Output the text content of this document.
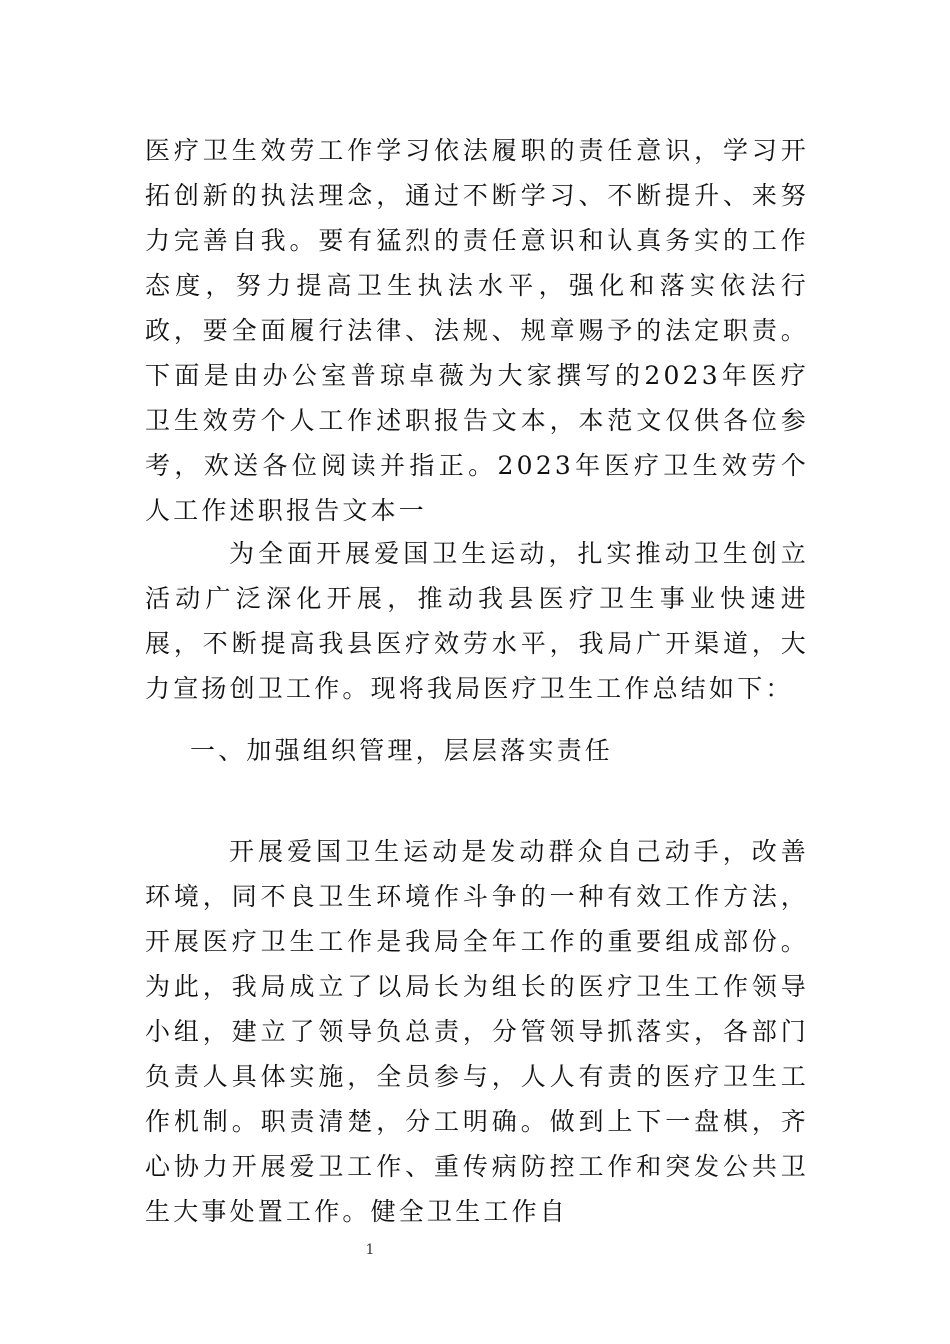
医疗卫生效劳工作学习依法履职的责任意识，学习开拓创新的执法理念，通过不断学习、不断提升、来努力完善自我。要有猛烈的责任意识和认真务实的工作态度，努力提高卫生执法水平，强化和落实依法行政，要全面履行法律、法规、规章赐予的法定职责。下面是由办公室普琼卓薇为大家撰写的2023年医疗卫生效劳个人工作述职报告文本，本范文仅供各位参考，欢送各位阅读并指正。2023年医疗卫生效劳个人工作述职报告文本一
为全面开展爱国卫生运动，扎实推动卫生创立活动广泛深化开展，推动我县医疗卫生事业快速进展，不断提高我县医疗效劳水平，我局广开渠道，大力宣扬创卫工作。现将我局医疗卫生工作总结如下：
一、加强组织管理，层层落实责任
开展爱国卫生运动是发动群众自己动手，改善环境，同不良卫生环境作斗争的一种有效工作方法，开展医疗卫生工作是我局全年工作的重要组成部份。为此，我局成立了以局长为组长的医疗卫生工作领导小组，建立了领导负总责，分管领导抓落实，各部门负责人具体实施，全员参与，人人有责的医疗卫生工作机制。职责清楚，分工明确。做到上下一盘棋，齐心协力开展爱卫工作、重传病防控工作和突发公共卫生大事处置工作。健全卫生工作自
1
